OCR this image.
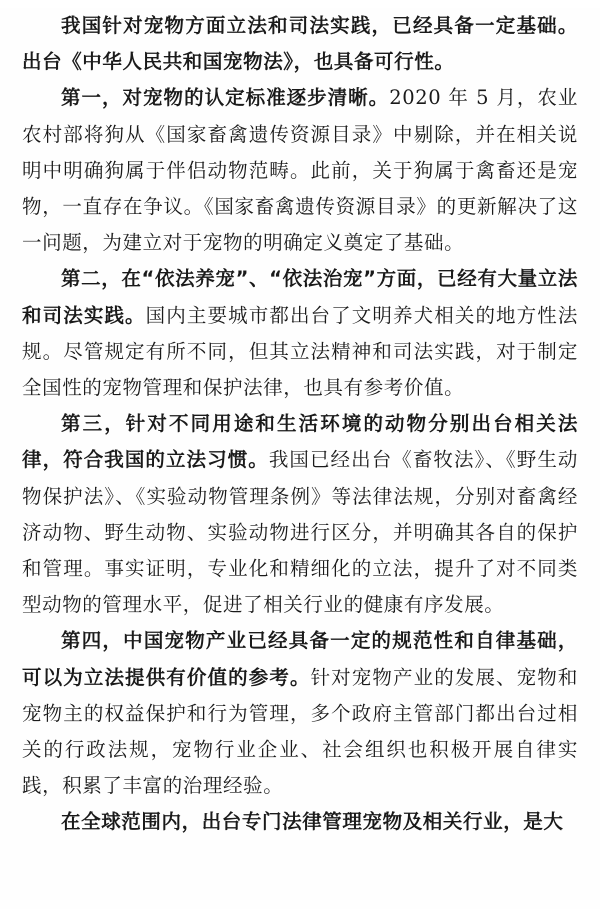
我国针对宠物方面立法和司法实践，已经具备一定基础。出台《中华人民共和国宠物法》，也具备可行性。

第一，对宠物的认定标准逐步清晰。2020 年 5 月，农业农村部将狗从《国家畜禽遗传资源目录》中剔除，并在相关说明中明确狗属于伴侣动物范畴。此前，关于狗属于禽畜还是宠物，一直存在争议。《国家畜禽遗传资源目录》的更新解决了这一问题，为建立对于宠物的明确定义奠定了基础。

第二，在“依法养宠”、“依法治宠”方面，已经有大量立法和司法实践。国内主要城市都出台了文明养犬相关的地方性法规。尽管规定有所不同，但其立法精神和司法实践，对于制定全国性的宠物管理和保护法律，也具有参考价值。

第三，针对不同用途和生活环境的动物分别出台相关法律，符合我国的立法习惯。我国已经出台《畜牧法》、《野生动物保护法》、《实验动物管理条例》等法律法规，分别对畜禽经济动物、野生动物、实验动物进行区分，并明确其各自的保护和管理。事实证明，专业化和精细化的立法，提升了对不同类型动物的管理水平，促进了相关行业的健康有序发展。

第四，中国宠物产业已经具备一定的规范性和自律基础，可以为立法提供有价值的参考。针对宠物产业的发展、宠物和宠物主的权益保护和行为管理，多个政府主管部门都出台过相关的行政法规，宠物行业企业、社会组织也积极开展自律实践，积累了丰富的治理经验。

在全球范围内，出台专门法律管理宠物及相关行业，是大
